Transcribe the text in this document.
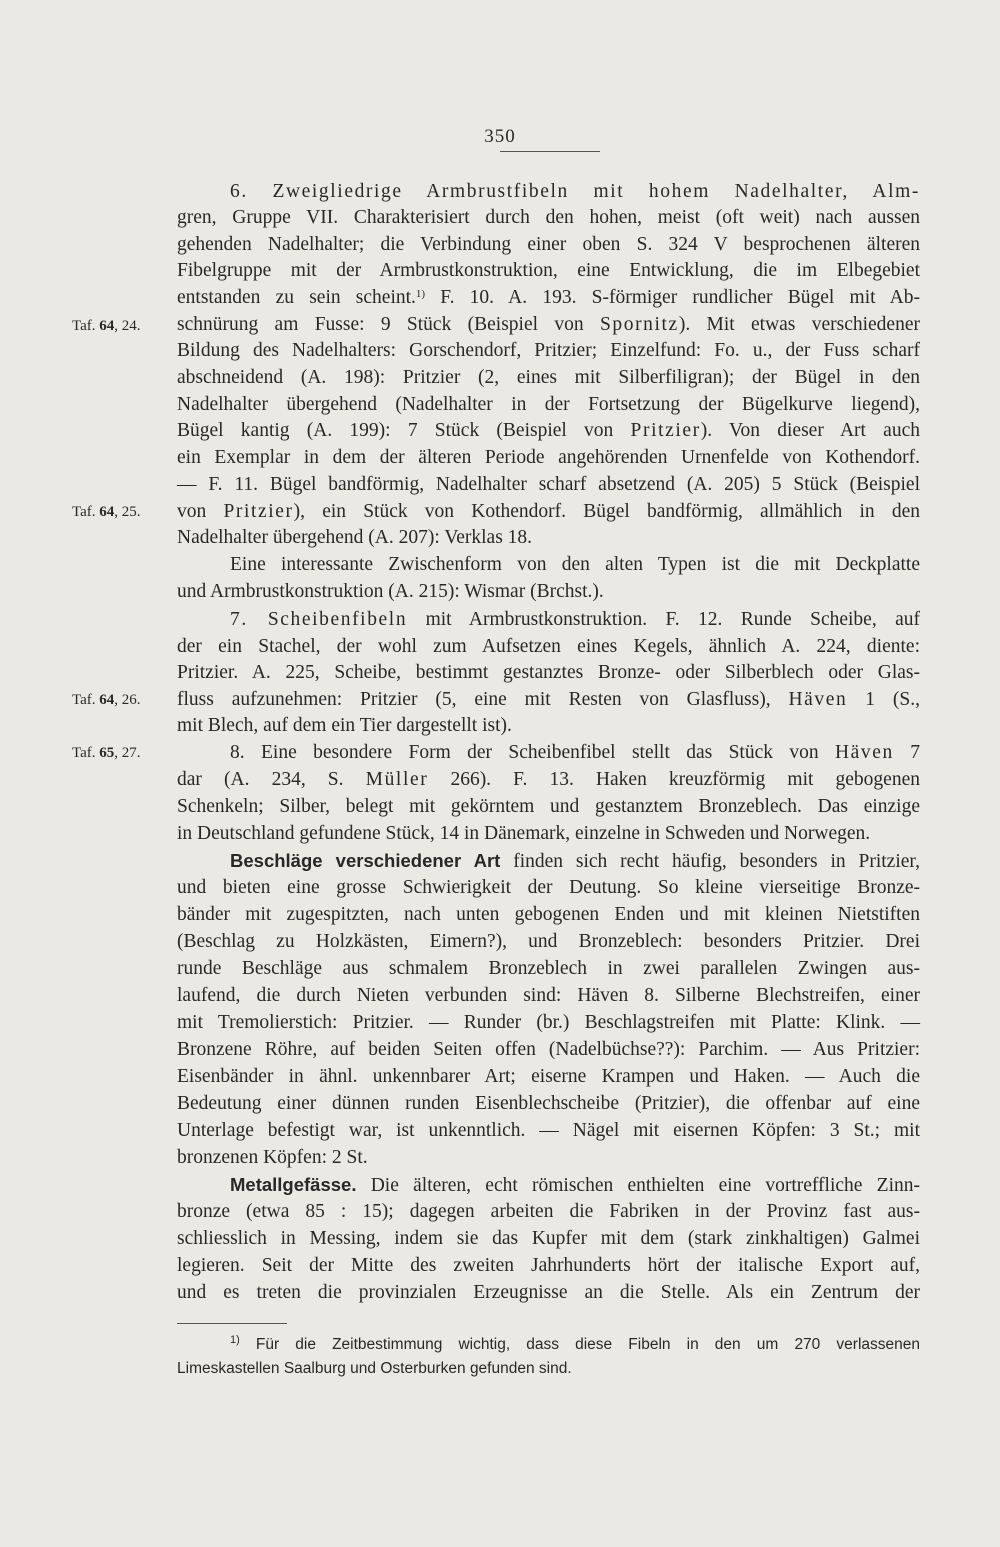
350
Taf. 64, 24.
Taf. 64, 25.
Taf. 64, 26.
Taf. 65, 27.
6. Zweigliedrige Armbrustfibeln mit hohem Nadelhalter, Alm-
gren, Gruppe VII. Charakterisiert durch den hohen, meist (oft weit) nach aussen
gehenden Nadelhalter; die Verbindung einer oben S. 324 V besprochenen älteren
Fibelgruppe mit der Armbrustkonstruktion, eine Entwicklung, die im Elbegebiet
entstanden zu sein scheint.$^{1)}$ F. 10. A. 193. S-förmiger rundlicher Bügel mit Ab-
schnürung am Fusse: 9 Stück (Beispiel von Spornitz). Mit etwas verschiedener
Bildung des Nadelhalters: Gorschendorf, Pritzier; Einzelfund: Fo. u., der Fuss scharf
abschneidend (A. 198): Pritzier (2, eines mit Silberfiligran); der Bügel in den
Nadelhalter übergehend (Nadelhalter in der Fortsetzung der Bügelkurve liegend),
Bügel kantig (A. 199): 7 Stück (Beispiel von Pritzier). Von dieser Art auch
ein Exemplar in dem der älteren Periode angehörenden Urnenfelde von Kothendorf.
— F. 11. Bügel bandförmig, Nadelhalter scharf absetzend (A. 205) 5 Stück (Beispiel
von Pritzier), ein Stück von Kothendorf. Bügel bandförmig, allmählich in den
Nadelhalter übergehend (A. 207): Verklas 18.
Eine interessante Zwischenform von den alten Typen ist die mit Deckplatte
und Armbrustkonstruktion (A. 215): Wismar (Brchst.).
7. Scheibenfibeln mit Armbrustkonstruktion. F. 12. Runde Scheibe, auf
der ein Stachel, der wohl zum Aufsetzen eines Kegels, ähnlich A. 224, diente:
Pritzier. A. 225, Scheibe, bestimmt gestanztes Bronze- oder Silberblech oder Glas-
fluss aufzunehmen: Pritzier (5, eine mit Resten von Glasfluss), Häven 1 (S.,
mit Blech, auf dem ein Tier dargestellt ist).
8. Eine besondere Form der Scheibenfibel stellt das Stück von Häven 7
dar (A. 234, S. Müller 266). F. 13. Haken kreuzförmig mit gebogenen
Schenkeln; Silber, belegt mit gekörntem und gestanztem Bronzeblech. Das einzige
in Deutschland gefundene Stück, 14 in Dänemark, einzelne in Schweden und Norwegen.
Beschläge verschiedener Art finden sich recht häufig, besonders in Pritzier,
und bieten eine grosse Schwierigkeit der Deutung. So kleine vierseitige Bronze-
bänder mit zugespitzten, nach unten gebogenen Enden und mit kleinen Nietstiften
(Beschlag zu Holzkästen, Eimern?), und Bronzeblech: besonders Pritzier. Drei
runde Beschläge aus schmalem Bronzeblech in zwei parallelen Zwingen aus-
laufend, die durch Nieten verbunden sind: Häven 8. Silberne Blechstreifen, einer
mit Tremolierstich: Pritzier. — Runder (br.) Beschlagstreifen mit Platte: Klink. —
Bronzene Röhre, auf beiden Seiten offen (Nadelbüchse??): Parchim. — Aus Pritzier:
Eisenbänder in ähnl. unkennbarer Art; eiserne Krampen und Haken. — Auch die
Bedeutung einer dünnen runden Eisenblechscheibe (Pritzier), die offenbar auf eine
Unterlage befestigt war, ist unkenntlich. — Nägel mit eisernen Köpfen: 3 St.; mit
bronzenen Köpfen: 2 St.
Metallgefässe. Die älteren, echt römischen enthielten eine vortreffliche Zinn-
bronze (etwa 85 : 15); dagegen arbeiten die Fabriken in der Provinz fast aus-
schliesslich in Messing, indem sie das Kupfer mit dem (stark zinkhaltigen) Galmei
legieren. Seit der Mitte des zweiten Jahrhunderts hört der italische Export auf,
und es treten die provinzialen Erzeugnisse an die Stelle. Als ein Zentrum der
$^{1)}$ Für die Zeitbestimmung wichtig, dass diese Fibeln in den um 270 verlassenen
Limeskastellen Saalburg und Osterburken gefunden sind.
